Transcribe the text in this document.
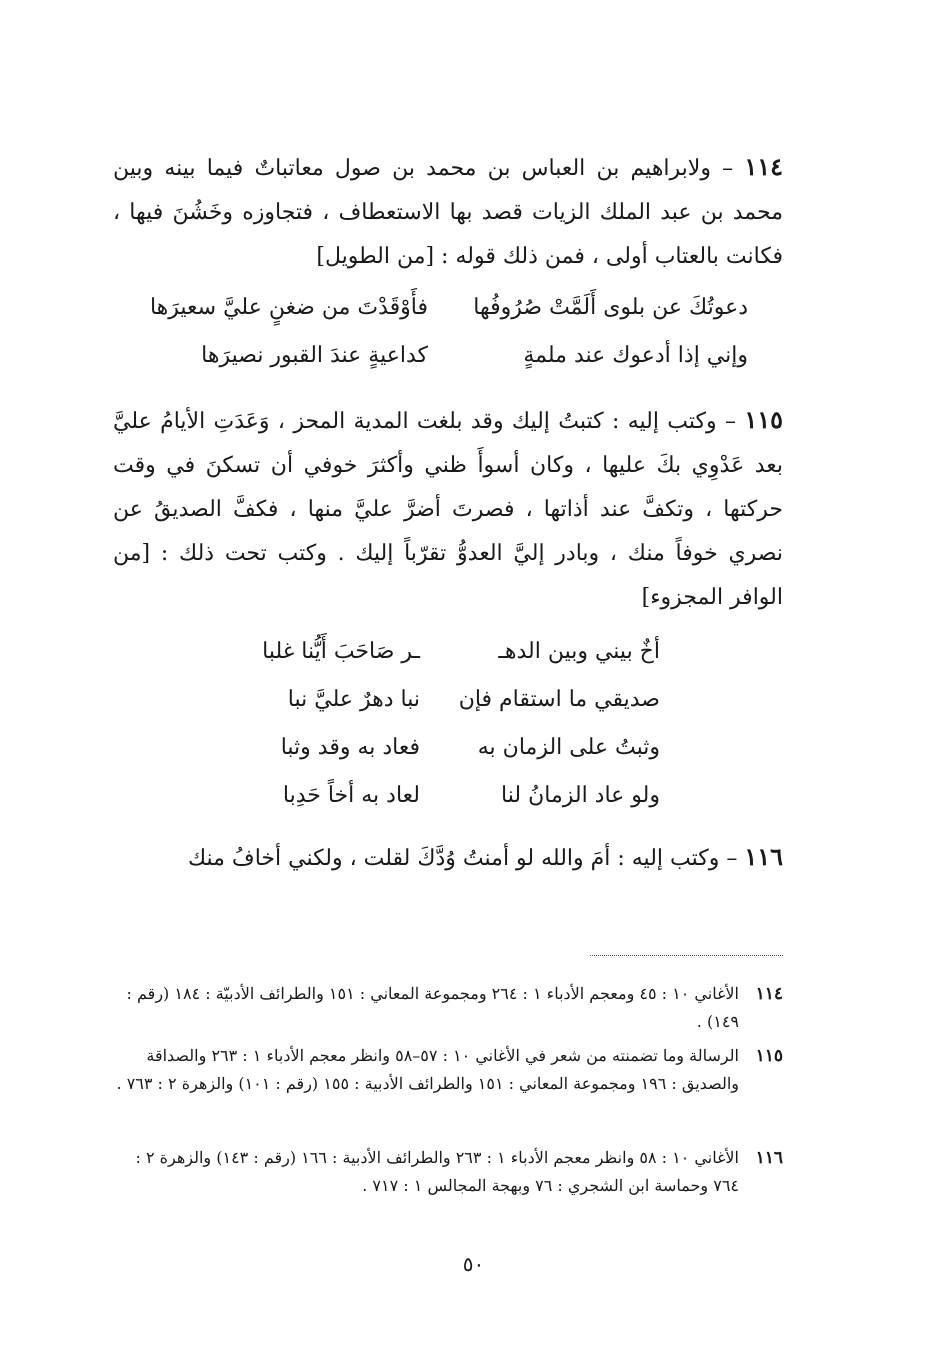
١١٤ – ولابراهيم بن العباس بن محمد بن صول معاتباتٌ فيما بينه وبين محمد بن عبد الملك الزيات قصد بها الاستعطاف ، فتجاوزه وخَشُنَ فيها ، فكانت بالعتاب أولى ، فمن ذلك قوله : [من الطويل]
دعوتُكَ عن بلوى أَلَمَّتْ صُرُوفُها
فأَوْقَدْتَ من ضغنٍ عليَّ سعيرَها
وإني إذا أدعوك عند ملمةٍ
كداعيةٍ عندَ القبور نصيرَها
١١٥ – وكتب إليه : كتبتُ إليك وقد بلغت المدية المحز ، وَعَدَتِ الأيامُ عليَّ بعد عَدْوِي بكَ عليها ، وكان أسوأَ ظني وأكثرَ خوفي أن تسكنَ في وقت حركتها ، وتكفَّ عند أذاتها ، فصرتَ أضرَّ عليَّ منها ، فكفَّ الصديقُ عن نصري خوفاً منك ، وبادر إليَّ العدوُّ تقرّباً إليك . وكتب تحت ذلك : [من الوافر المجزوء]
أخٌ بيني وبين الدهـ
ـر صَاحَبَ أَيُّنا غلبا
صديقي ما استقام فإن
نبا دهرٌ عليَّ نبا
وثبتُ على الزمان به
فعاد به وقد وثبا
ولو عاد الزمانُ لنا
لعاد به أخاً حَدِبا
١١٦ – وكتب إليه : أمَ والله لو أمنتُ وُدَّكَ لقلت ، ولكني أخافُ منك
١١٤
الأغاني ١٠ : ٤٥ ومعجم الأدباء ١ : ٢٦٤ ومجموعة المعاني : ١٥١ والطرائف الأدبيّة : ١٨٤ (رقم : ١٤٩) .
١١٥
الرسالة وما تضمنته من شعر في الأغاني ١٠ : ٥٧–٥٨ وانظر معجم الأدباء ١ : ٢٦٣ والصداقة والصديق : ١٩٦ ومجموعة المعاني : ١٥١ والطرائف الأدبية : ١٥٥ (رقم : ١٠١) والزهرة ٢ : ٧٦٣ .
١١٦
الأغاني ١٠ : ٥٨ وانظر معجم الأدباء ١ : ٢٦٣ والطرائف الأدبية : ١٦٦ (رقم : ١٤٣) والزهرة ٢ : ٧٦٤ وحماسة ابن الشجري : ٧٦ وبهجة المجالس ١ : ٧١٧ .
٥٠
